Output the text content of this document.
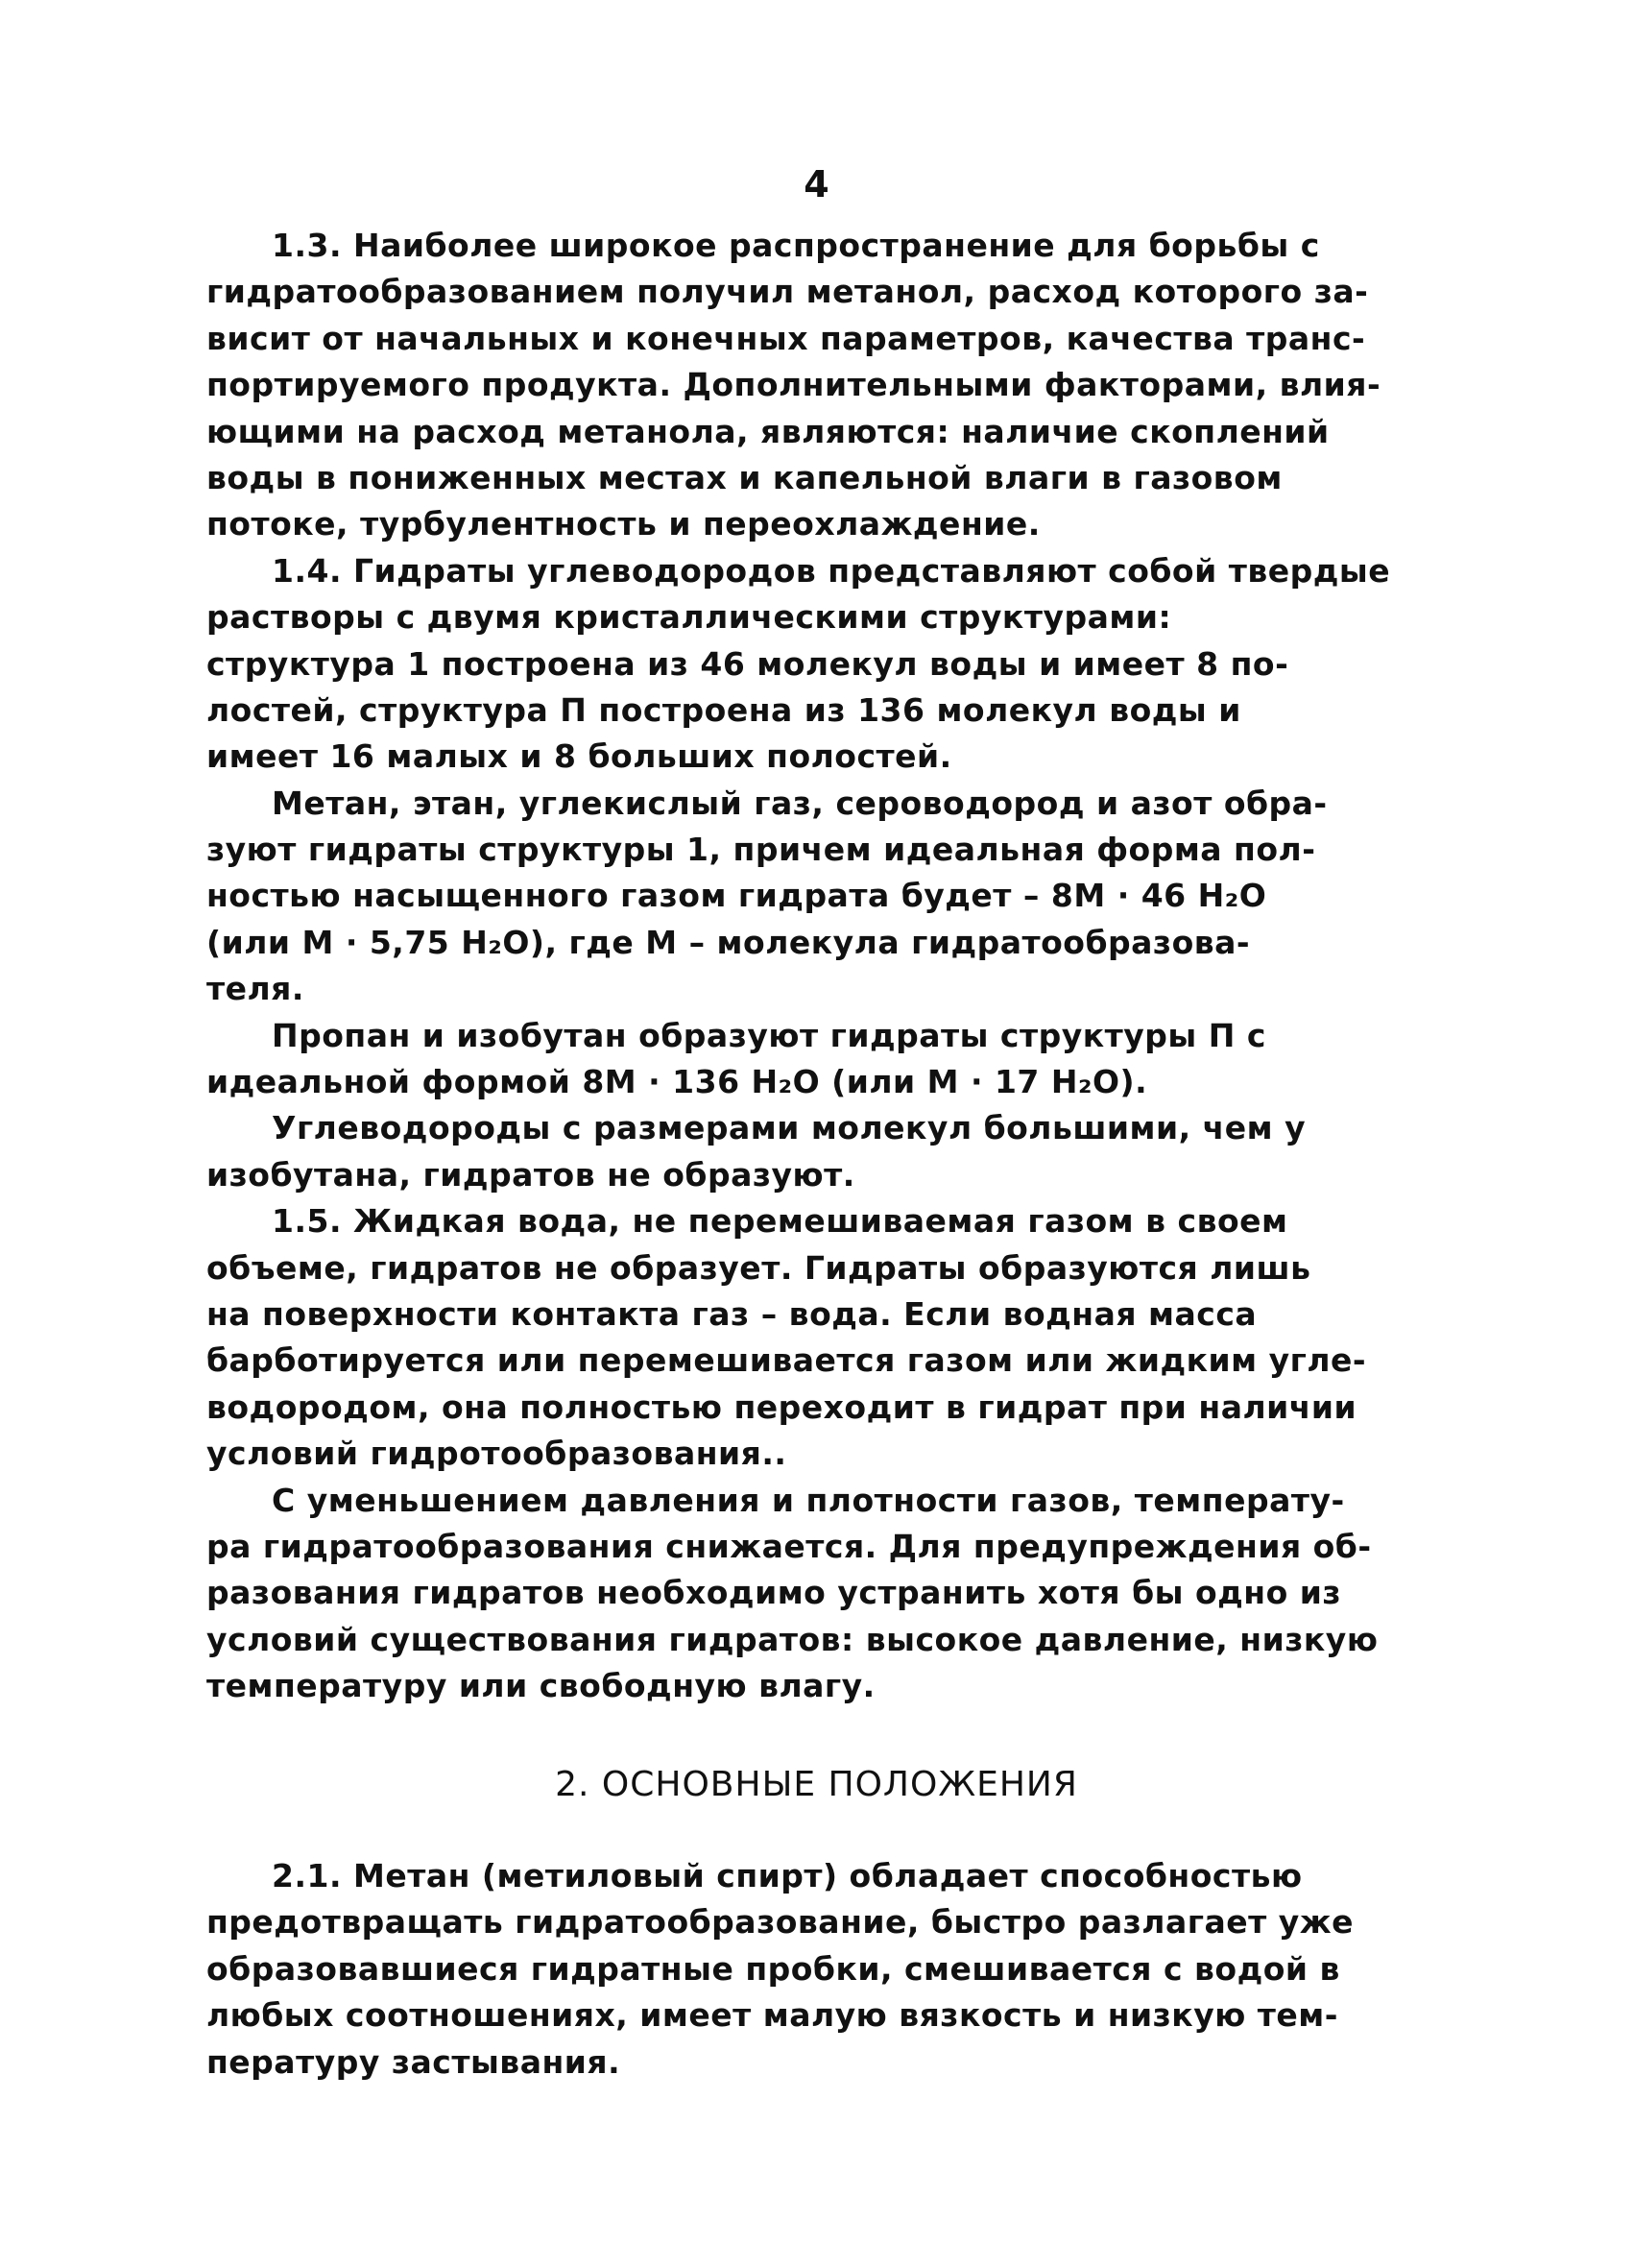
4
1.3. Наиболее широкое распространение для борьбы с
гидратообразованием получил метанол, расход которого за-
висит от начальных и конечных параметров, качества транс-
портируемого продукта. Дополнительными факторами, влия-
ющими на расход метанола, являются: наличие скоплений
воды в пониженных местах и капельной влаги в газовом
потоке, турбулентность и переохлаждение.
1.4. Гидраты углеводородов представляют собой твердые
растворы с двумя кристаллическими структурами:
структура 1 построена из 46 молекул воды и имеет 8 по-
лостей, структура П построена из 136 молекул воды и
имеет 16 малых и 8 больших полостей.
Метан, этан, углекислый газ, сероводород и азот обра-
зуют гидраты структуры 1, причем идеальная форма пол-
ностью насыщенного газом гидрата будет – 8М · 46 Н₂О
(или М · 5,75 Н₂О), где М – молекула гидратообразова-
теля.
Пропан и изобутан образуют гидраты структуры П с
идеальной формой 8М · 136 Н₂О (или М · 17 Н₂О).
Углеводороды с размерами молекул большими, чем у
изобутана, гидратов не образуют.
1.5. Жидкая вода, не перемешиваемая газом в своем
объеме, гидратов не образует. Гидраты образуются лишь
на поверхности контакта газ – вода. Если водная масса
барботируется или перемешивается газом или жидким угле-
водородом, она полностью переходит в гидрат при наличии
условий гидротообразования..
С уменьшением давления и плотности газов, температу-
ра гидратообразования снижается. Для предупреждения об-
разования гидратов необходимо устранить хотя бы одно из
условий существования гидратов: высокое давление, низкую
температуру или свободную влагу.
2. ОСНОВНЫЕ ПОЛОЖЕНИЯ
2.1. Метан (метиловый спирт) обладает способностью
предотвращать гидратообразование, быстро разлагает уже
образовавшиеся гидратные пробки, смешивается с водой в
любых соотношениях, имеет малую вязкость и низкую тем-
пературу застывания.
